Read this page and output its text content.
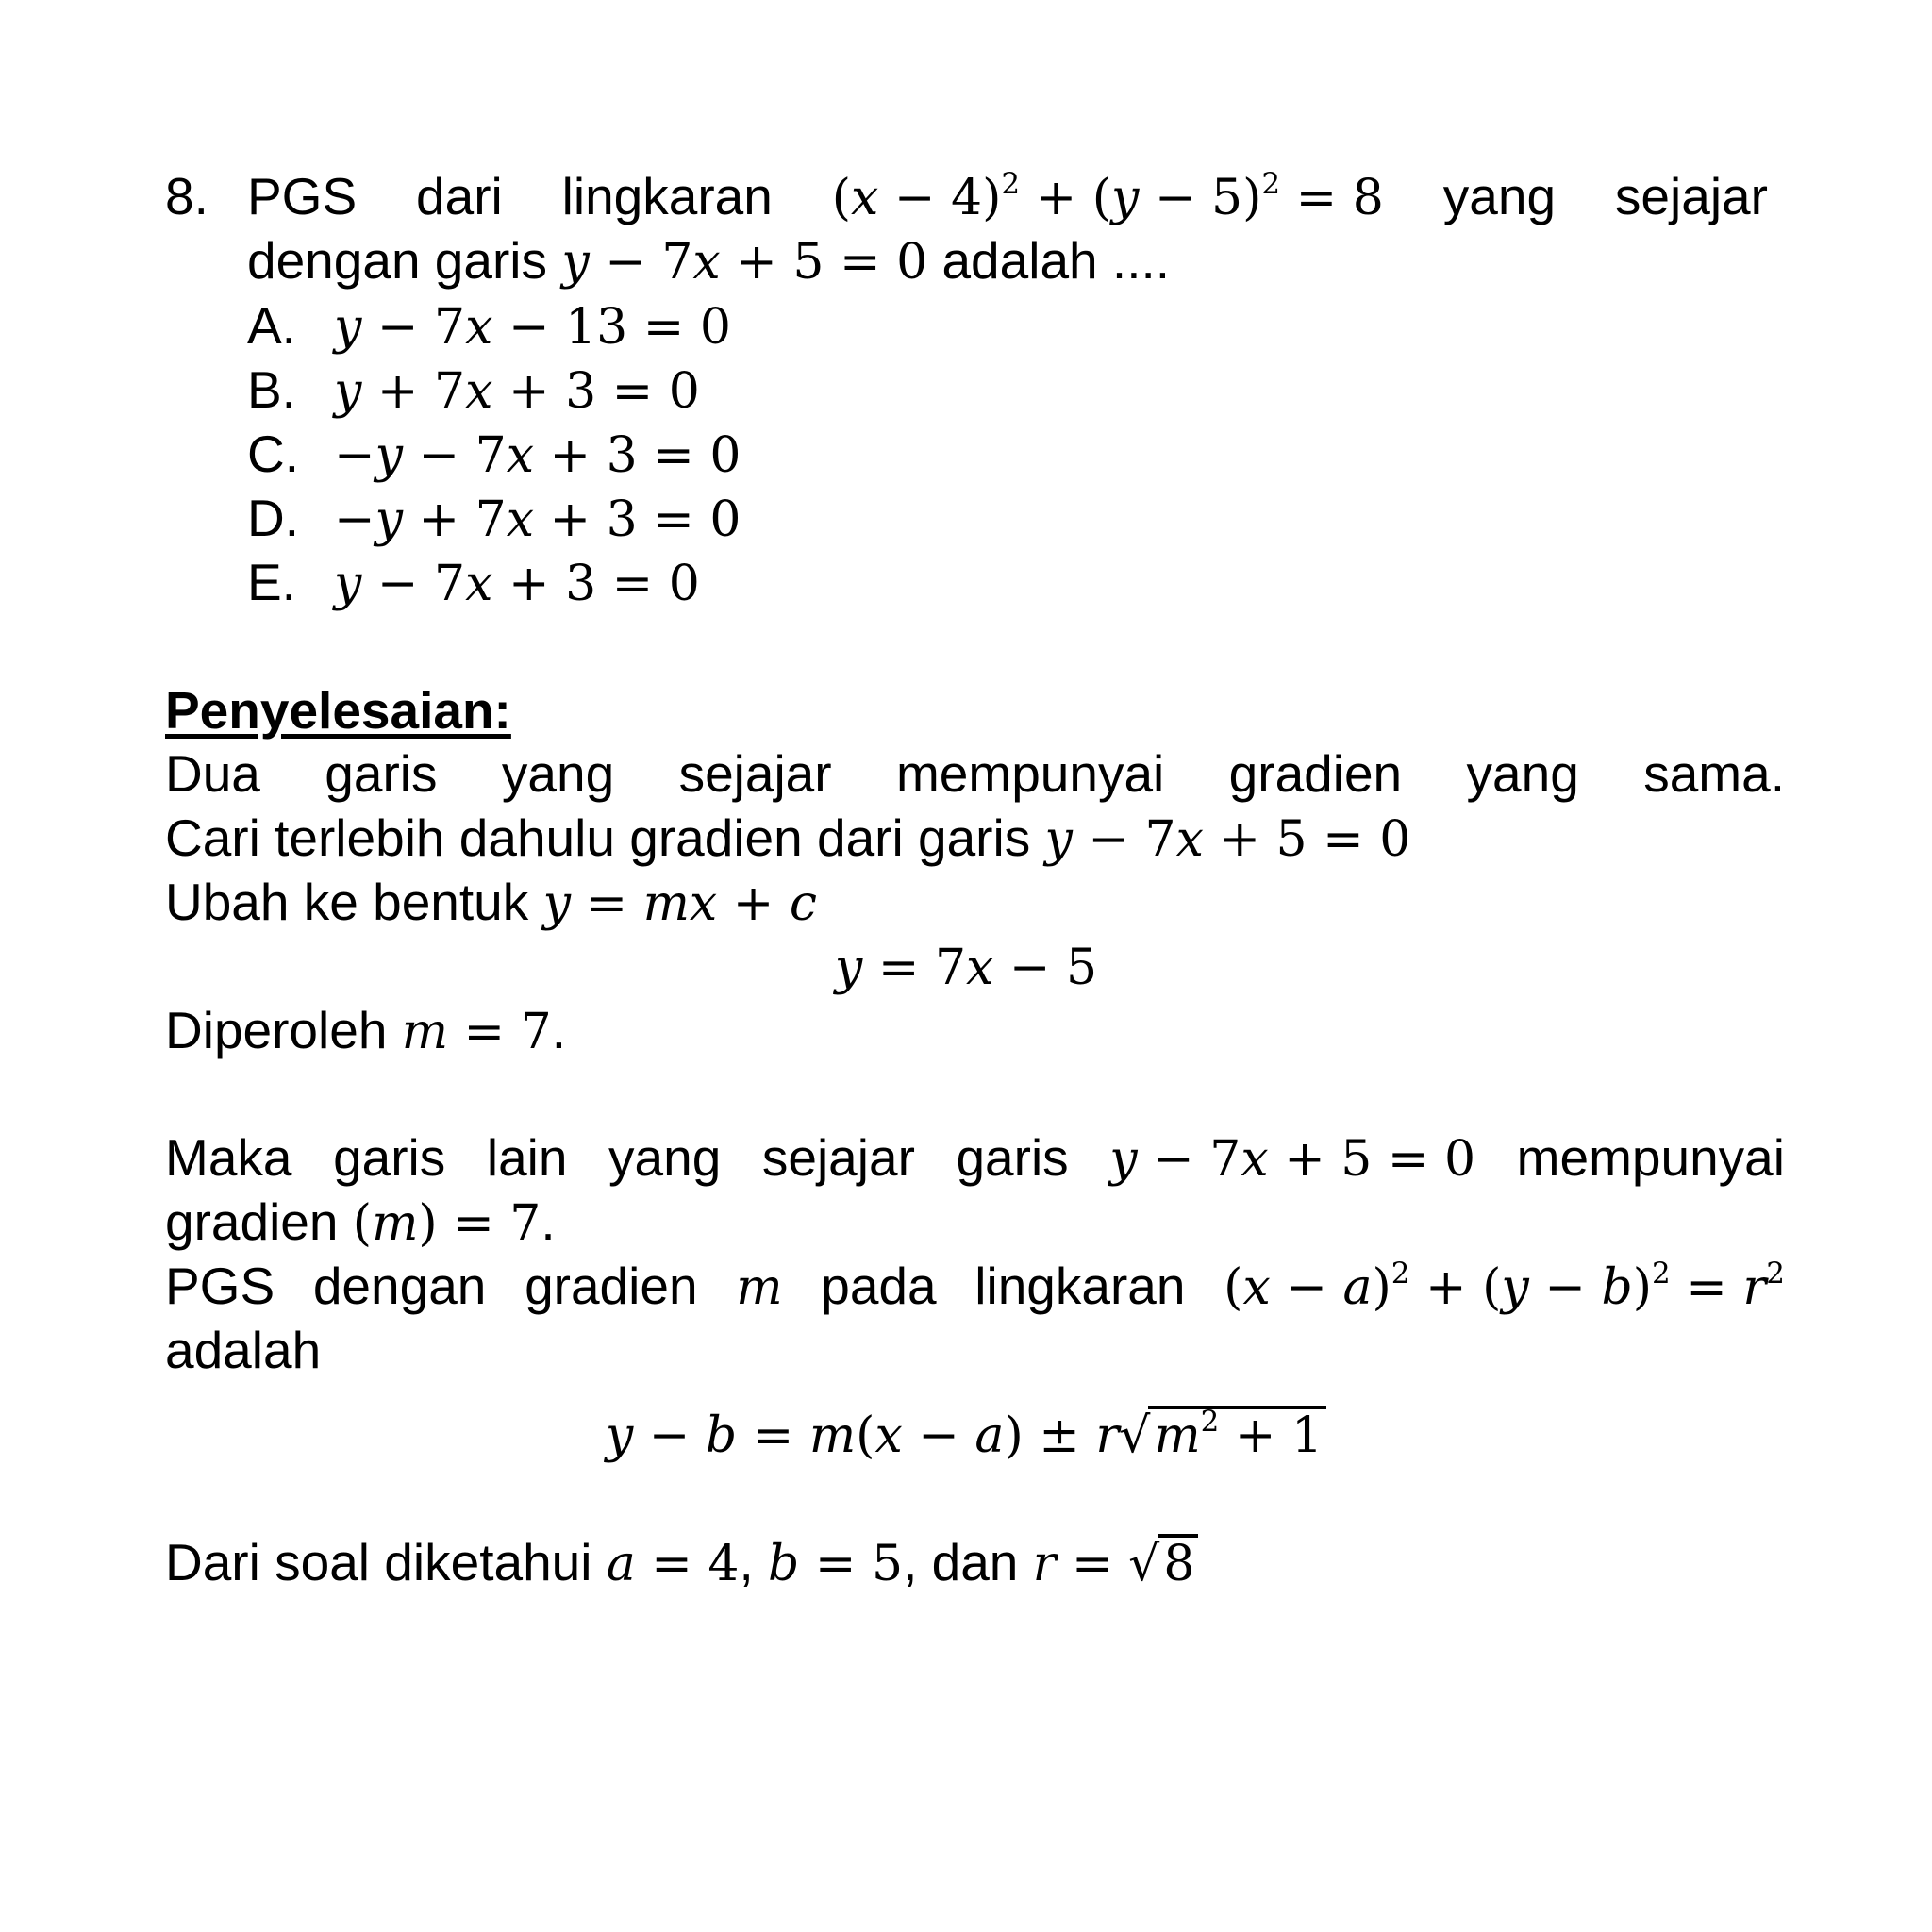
8. PGS dari lingkaran $(x - 4)^2 + (y - 5)^2 = 8$ yang sejajar
dengan garis y − 7x + 5 = 0 adalah ....
A. y − 7x − 13 = 0
B. y + 7x + 3 = 0
C. −y − 7x + 3 = 0
D. −y + 7x + 3 = 0
E. y − 7x + 3 = 0
Penyelesaian:
Dua garis yang sejajar mempunyai gradien yang sama.
Cari terlebih dahulu gradien dari garis y − 7x + 5 = 0
Ubah ke bentuk y = mx + c
y = 7x − 5
Diperoleh m = 7.
Maka garis lain yang sejajar garis y − 7x + 5 = 0 mempunyai
gradien (m) = 7.
PGS dengan gradien m pada lingkaran $(x - a)^2 + (y - b)^2 = r^2$
adalah
$y - b = m(x - a) \pm r√m^2 + 1$
Dari soal diketahui a = 4, b = 5, dan r = √8
